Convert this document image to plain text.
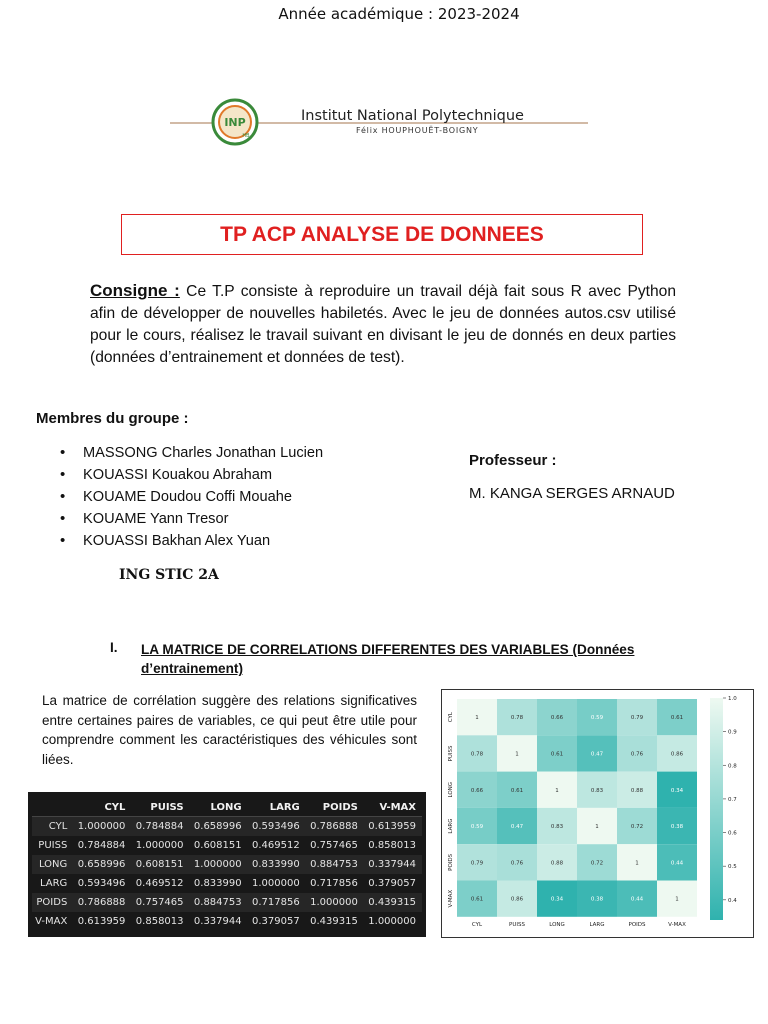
Année académique : 2023-2024
INP
HB
Institut National Polytechnique
Félix HOUPHOUËT-BOIGNY
TP ACP ANALYSE DE DONNEES
Consigne : Ce T.P consiste à reproduire un travail déjà fait sous R avec Python afin de développer de nouvelles habiletés. Avec le jeu de données autos.csv utilisé pour le cours, réalisez le travail suivant en divisant le jeu de donnés en deux parties (données d’entrainement et données de test).
Membres du groupe :
• MASSONG Charles Jonathan Lucien
• KOUASSI Kouakou Abraham
• KOUAME Doudou Coffi Mouahe
• KOUAME Yann Tresor
• KOUASSI Bakhan Alex Yuan
Professeur :
M. KANGA SERGES ARNAUD
ING STIC 2A
I. LA MATRICE DE CORRELATIONS DIFFERENTES DES VARIABLES (Données d’entrainement)
La matrice de corrélation suggère des relations significatives entre certaines paires de variables, ce qui peut être utile pour comprendre comment les caractéristiques des véhicules sont liées.
	CYL	PUISS	LONG	LARG	POIDS	V-MAX
CYL	1.000000	0.784884	0.658996	0.593496	0.786888	0.613959
PUISS	0.784884	1.000000	0.608151	0.469512	0.757465	0.858013
LONG	0.658996	0.608151	1.000000	0.833990	0.884753	0.337944
LARG	0.593496	0.469512	0.833990	1.000000	0.717856	0.379057
POIDS	0.786888	0.757465	0.884753	0.717856	1.000000	0.439315
V-MAX	0.613959	0.858013	0.337944	0.379057	0.439315	1.000000
1	0.78	0.66	0.59	0.79	0.61
0.78	1	0.61	0.47	0.76	0.86
0.66	0.61	1	0.83	0.88	0.34
0.59	0.47	0.83	1	0.72	0.38
0.79	0.76	0.88	0.72	1	0.44
0.61	0.86	0.34	0.38	0.44	1
CYL
CYL
PUISS
PUISS
LONG
LONG
LARG
LARG
POIDS
POIDS
V-MAX
V-MAX
1.0
0.9
0.8
0.7
0.6
0.5
0.4
